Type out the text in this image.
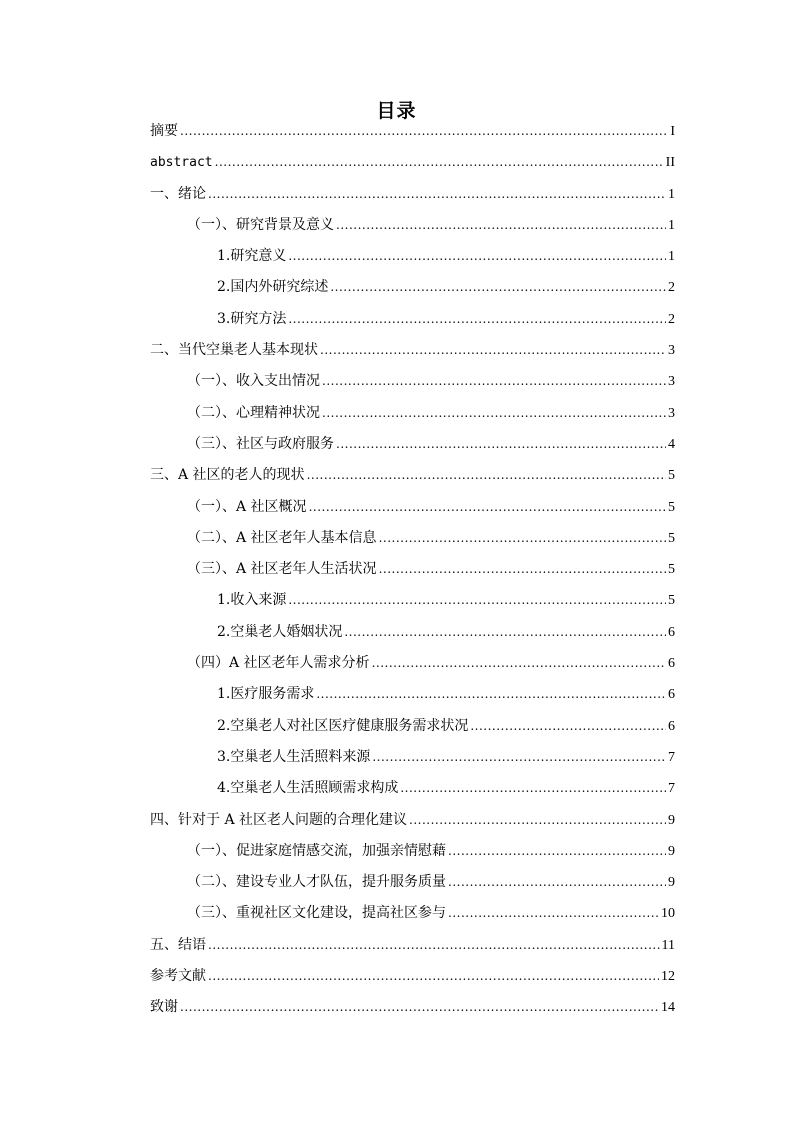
目录
摘要 .....	I
abstract .....	II
一、绪论 .....	1
（一）、研究背景及意义 .....	1
1.研究意义 .....	1
2.国内外研究综述 .....	2
3.研究方法 .....	2
二、当代空巢老人基本现状 .....	3
（一）、收入支出情况 .....	3
（二）、心理精神状况 .....	3
（三）、社区与政府服务 .....	4
三、A 社区的老人的现状 .....	5
（一）、A 社区概况 .....	5
（二）、A 社区老年人基本信息 .....	5
（三）、A 社区老年人生活状况 .....	5
1.收入来源 .....	5
2.空巢老人婚姻状况 .....	6
（四）A 社区老年人需求分析 .....	6
1.医疗服务需求 .....	6
2.空巢老人对社区医疗健康服务需求状况 .....	6
3.空巢老人生活照料来源 .....	7
4.空巢老人生活照顾需求构成 .....	7
四、针对于 A 社区老人问题的合理化建议 .....	9
（一）、促进家庭情感交流，加强亲情慰藉 .....	9
（二）、建设专业人才队伍，提升服务质量 .....	9
（三）、重视社区文化建设，提高社区参与 .....	10
五、结语 .....	11
参考文献 .....	12
致谢 .....	14
